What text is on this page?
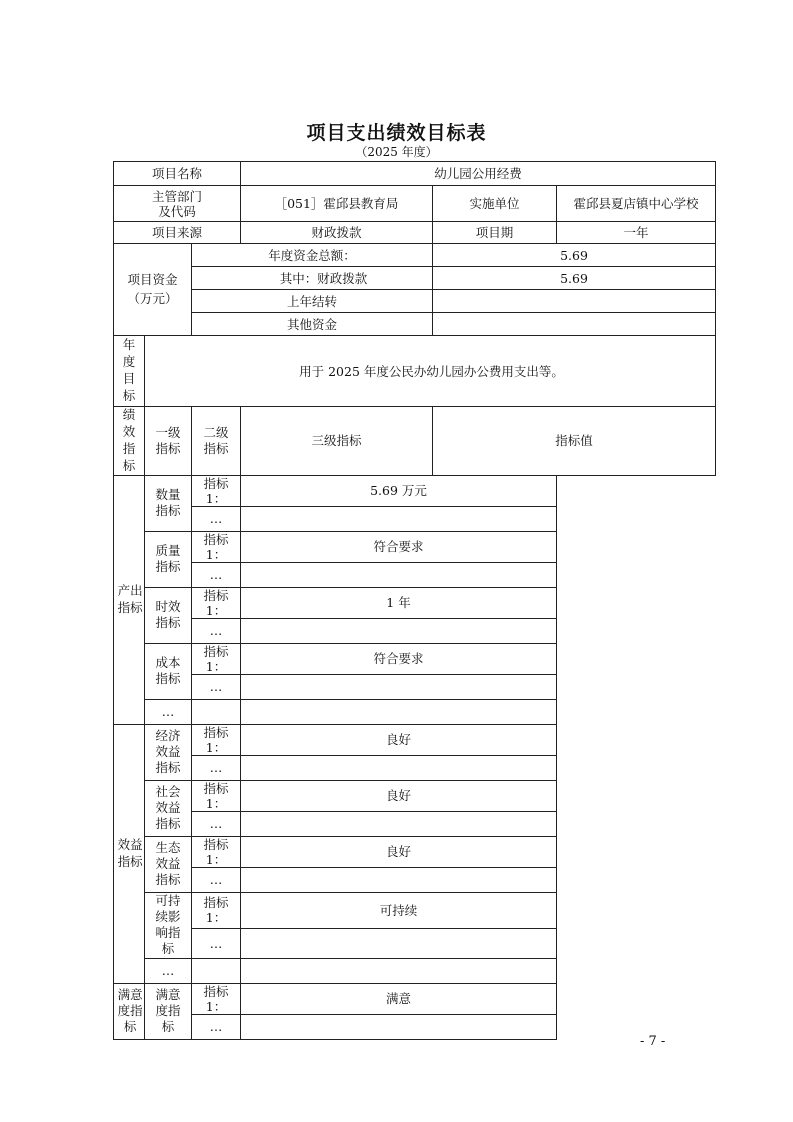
项目支出绩效目标表
（2025 年度）
项目名称			幼儿园公用经费		
主管部门及代码			［051］霍邱县教育局	实施单位	霍邱县夏店镇中心学校
项目来源			财政拨款	项目期	一年
项目资金（万元）		年度资金总额：		5.69	
		其中：财政拨款		5.69	
		上年结转			
		其他资金			
年度目标	用于 2025 年度公民办幼儿园办公费用支出等。				
绩效指标	一级指标	二级指标	三级指标	指标值	
产出指标	数量指标	指标 1：	5.69 万元		
		…			
	质量指标	指标 1：	符合要求		
		…			
	时效指标	指标 1：	1 年		
		…			
	成本指标	指标 1：	符合要求		
		…			
	…				
效益指标	经济效益指标	指标 1：	良好		
		…			
	社会效益指标	指标 1：	良好		
		…			
	生态效益指标	指标 1：	良好		
		…			
	可持续影响指标	指标 1：	可持续		
		…			
	…				
满意度指标	满意度指标	指标 1：	满意		
		…			
- 7 -
